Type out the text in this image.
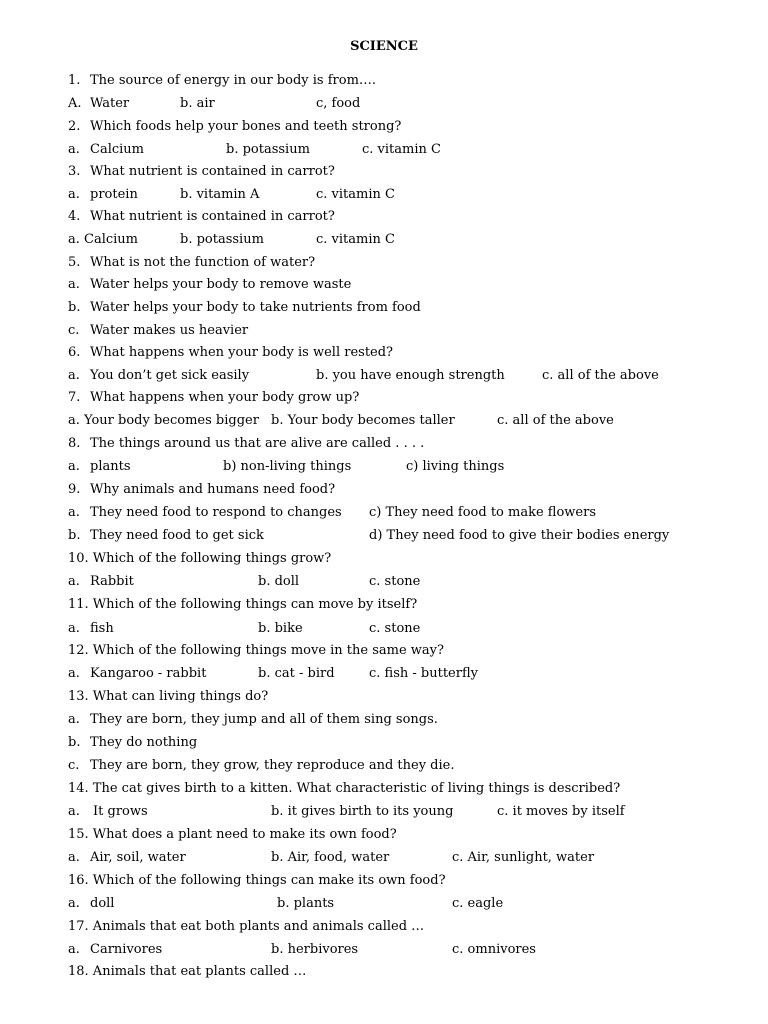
SCIENCE
1. The source of energy in our body is from….
A. Water	b. air	c, food
2. Which foods help your bones and teeth strong?
a. Calcium	b. potassium	c. vitamin C
3. What nutrient is contained in carrot?
a. protein	b. vitamin A	c. vitamin C
4. What nutrient is contained in carrot?
a. Calcium	b. potassium	c. vitamin C
5. What is not the function of water?
a. Water helps your body to remove waste
b. Water helps your body to take nutrients from food
c. Water makes us heavier
6. What happens when your body is well rested?
a. You don’t get sick easily	b. you have enough strength	c. all of the above
7. What happens when your body grow up?
a. Your body becomes bigger b. Your body becomes taller	c. all of the above
8. The things around us that are alive are called . . . .
a. plants	b) non-living things	c) living things
9. Why animals and humans need food?
a. They need food to respond to changes c) They need food to make flowers
b. They need food to get sick	d) They need food to give their bodies energy
10. Which of the following things grow?
a. Rabbit	b. doll	c. stone
11. Which of the following things can move by itself?
a. fish	b. bike	c. stone
12. Which of the following things move in the same way?
a. Kangaroo - rabbit	b. cat - bird	c. fish - butterfly
13. What can living things do?
a. They are born, they jump and all of them sing songs.
b. They do nothing
c. They are born, they grow, they reproduce and they die.
14. The cat gives birth to a kitten. What characteristic of living things is described?
a. It grows	b. it gives birth to its young	c. it moves by itself
15. What does a plant need to make its own food?
a. Air, soil, water	b. Air, food, water	c. Air, sunlight, water
16. Which of the following things can make its own food?
a. doll	b. plants	c. eagle
17. Animals that eat both plants and animals called …
a. Carnivores	b. herbivores	c. omnivores
18. Animals that eat plants called …
